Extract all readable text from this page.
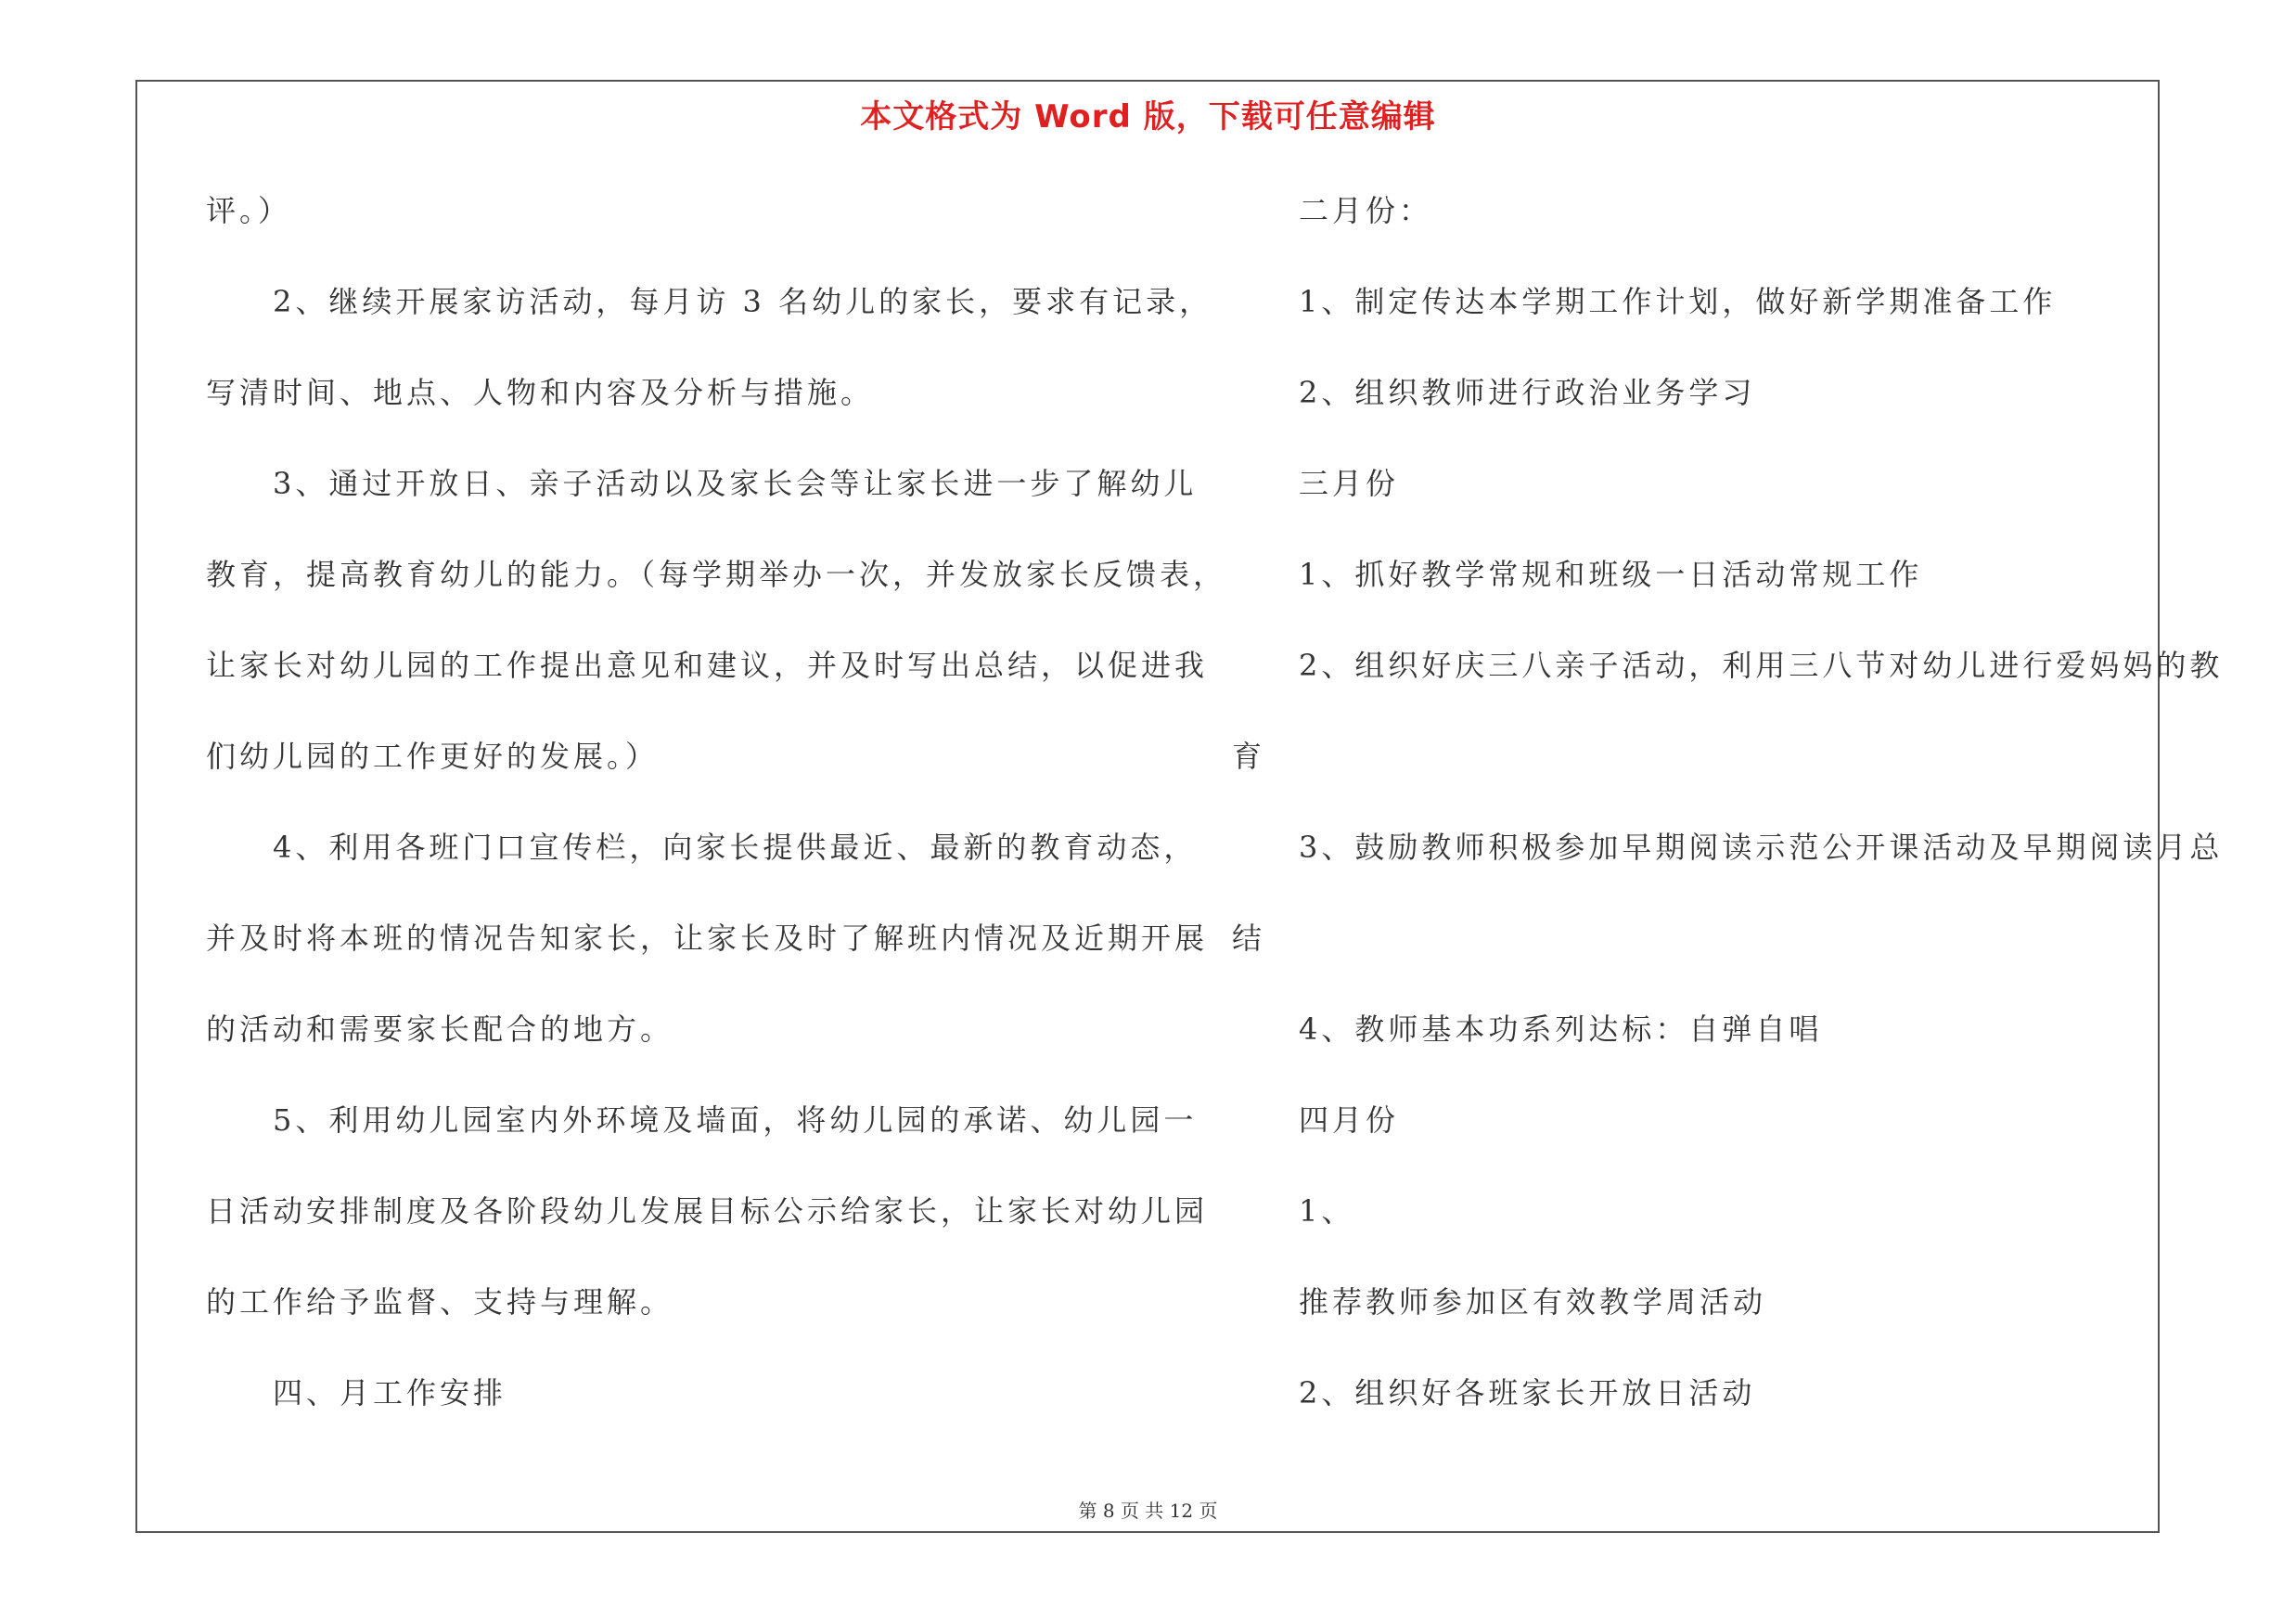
本文格式为 Word 版，下载可任意编辑
评。）
　　2、继续开展家访活动，每月访 3 名幼儿的家长，要求有记录，
写清时间、地点、人物和内容及分析与措施。
　　3、通过开放日、亲子活动以及家长会等让家长进一步了解幼儿
教育，提高教育幼儿的能力。（每学期举办一次，并发放家长反馈表，
让家长对幼儿园的工作提出意见和建议，并及时写出总结，以促进我
们幼儿园的工作更好的发展。）
　　4、利用各班门口宣传栏，向家长提供最近、最新的教育动态，
并及时将本班的情况告知家长，让家长及时了解班内情况及近期开展
的活动和需要家长配合的地方。
　　5、利用幼儿园室内外环境及墙面，将幼儿园的承诺、幼儿园一
日活动安排制度及各阶段幼儿发展目标公示给家长，让家长对幼儿园
的工作给予监督、支持与理解。
　　四、月工作安排
　　二月份：
　　1、制定传达本学期工作计划，做好新学期准备工作
　　2、组织教师进行政治业务学习
　　三月份
　　1、抓好教学常规和班级一日活动常规工作
　　2、组织好庆三八亲子活动，利用三八节对幼儿进行爱妈妈的教
育
　　3、鼓励教师积极参加早期阅读示范公开课活动及早期阅读月总
结
　　4、教师基本功系列达标：自弹自唱
　　四月份
　　1、
　　推荐教师参加区有效教学周活动
　　2、组织好各班家长开放日活动
第 8 页 共 12 页
